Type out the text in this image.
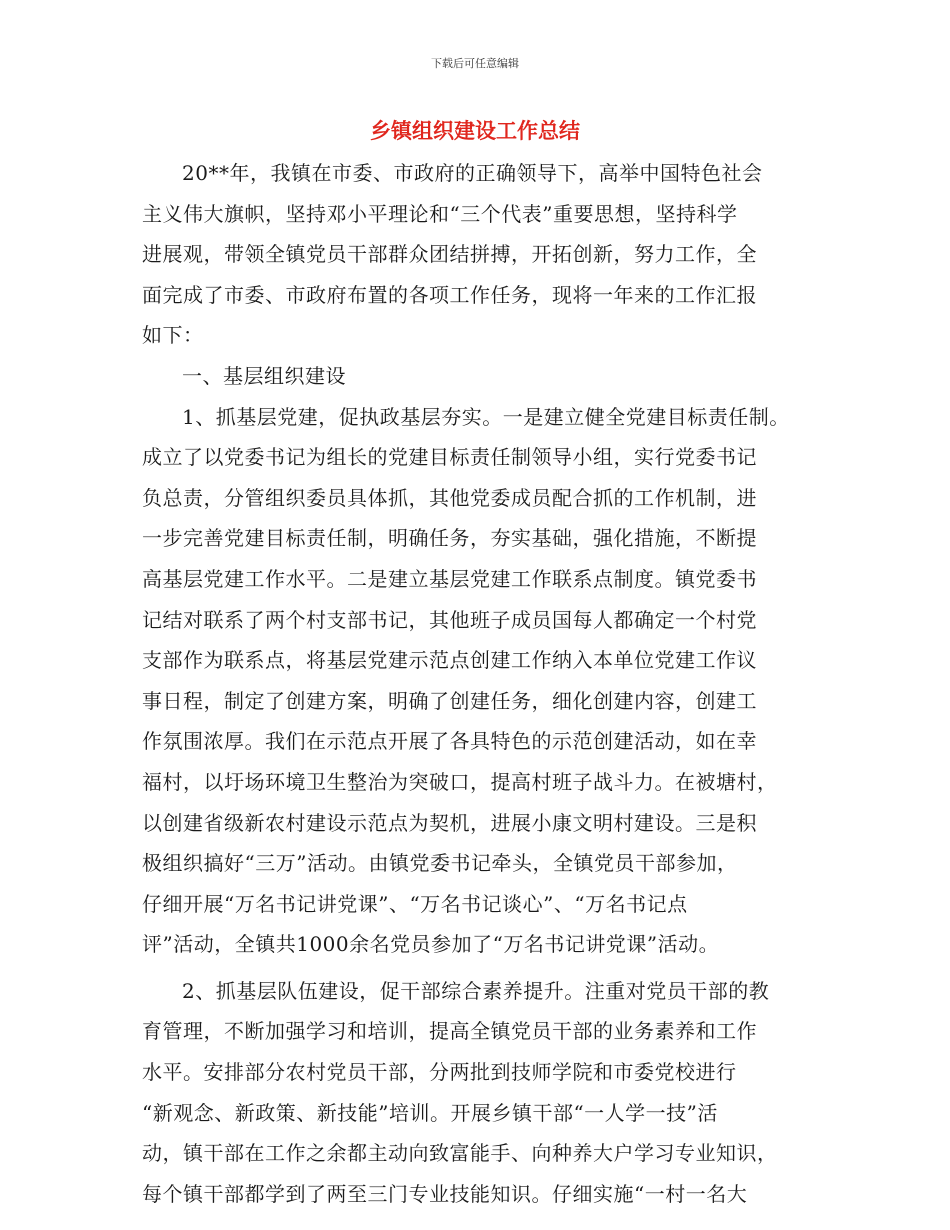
下载后可任意编辑
乡镇组织建设工作总结
20**年，我镇在市委、市政府的正确领导下，高举中国特色社会
主义伟大旗帜，坚持邓小平理论和“三个代表”重要思想，坚持科学
进展观，带领全镇党员干部群众团结拼搏，开拓创新，努力工作，全
面完成了市委、市政府布置的各项工作任务，现将一年来的工作汇报
如下：
一、基层组织建设
1、抓基层党建，促执政基层夯实。一是建立健全党建目标责任制。
成立了以党委书记为组长的党建目标责任制领导小组，实行党委书记
负总责，分管组织委员具体抓，其他党委成员配合抓的工作机制，进
一步完善党建目标责任制，明确任务，夯实基础，强化措施，不断提
高基层党建工作水平。二是建立基层党建工作联系点制度。镇党委书
记结对联系了两个村支部书记，其他班子成员国每人都确定一个村党
支部作为联系点，将基层党建示范点创建工作纳入本单位党建工作议
事日程，制定了创建方案，明确了创建任务，细化创建内容，创建工
作氛围浓厚。我们在示范点开展了各具特色的示范创建活动，如在幸
福村，以圩场环境卫生整治为突破口，提高村班子战斗力。在被塘村，
以创建省级新农村建设示范点为契机，进展小康文明村建设。三是积
极组织搞好“三万”活动。由镇党委书记牵头，全镇党员干部参加，
仔细开展“万名书记讲党课”、“万名书记谈心”、“万名书记点
评”活动，全镇共1000余名党员参加了“万名书记讲党课”活动。
2、抓基层队伍建设，促干部综合素养提升。注重对党员干部的教
育管理，不断加强学习和培训，提高全镇党员干部的业务素养和工作
水平。安排部分农村党员干部，分两批到技师学院和市委党校进行
“新观念、新政策、新技能”培训。开展乡镇干部“一人学一技”活
动，镇干部在工作之余都主动向致富能手、向种养大户学习专业知识，
每个镇干部都学到了两至三门专业技能知识。仔细实施“一村一名大
